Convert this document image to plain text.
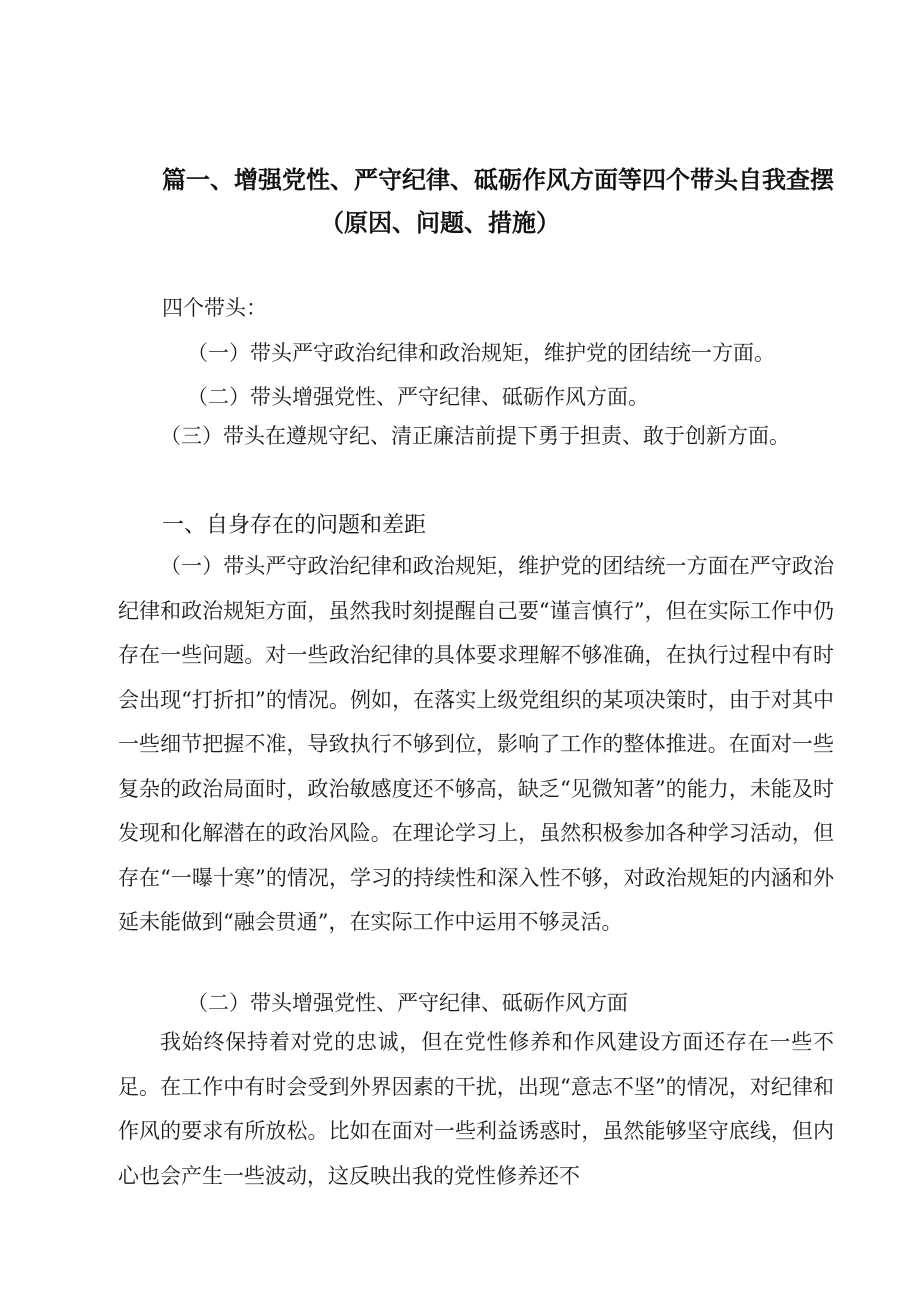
篇一、增强党性、严守纪律、砥砺作风方面等四个带头自我查摆
（原因、问题、措施）
四个带头：
（一）带头严守政治纪律和政治规矩，维护党的团结统一方面。
（二）带头增强党性、严守纪律、砥砺作风方面。
（三）带头在遵规守纪、清正廉洁前提下勇于担责、敢于创新方面。
一、自身存在的问题和差距
（一）带头严守政治纪律和政治规矩，维护党的团结统一方面在严守政治纪律和政治规矩方面，虽然我时刻提醒自己要“谨言慎行”，但在实际工作中仍存在一些问题。对一些政治纪律的具体要求理解不够准确，在执行过程中有时会出现“打折扣”的情况。例如，在落实上级党组织的某项决策时，由于对其中一些细节把握不准，导致执行不够到位，影响了工作的整体推进。在面对一些复杂的政治局面时，政治敏感度还不够高，缺乏“见微知著”的能力，未能及时发现和化解潜在的政治风险。在理论学习上，虽然积极参加各种学习活动，但存在“一曝十寒”的情况，学习的持续性和深入性不够，对政治规矩的内涵和外延未能做到“融会贯通”，在实际工作中运用不够灵活。
（二）带头增强党性、严守纪律、砥砺作风方面
我始终保持着对党的忠诚，但在党性修养和作风建设方面还存在一些不足。在工作中有时会受到外界因素的干扰，出现“意志不坚”的情况，对纪律和作风的要求有所放松。比如在面对一些利益诱惑时，虽然能够坚守底线，但内心也会产生一些波动，这反映出我的党性修养还不
